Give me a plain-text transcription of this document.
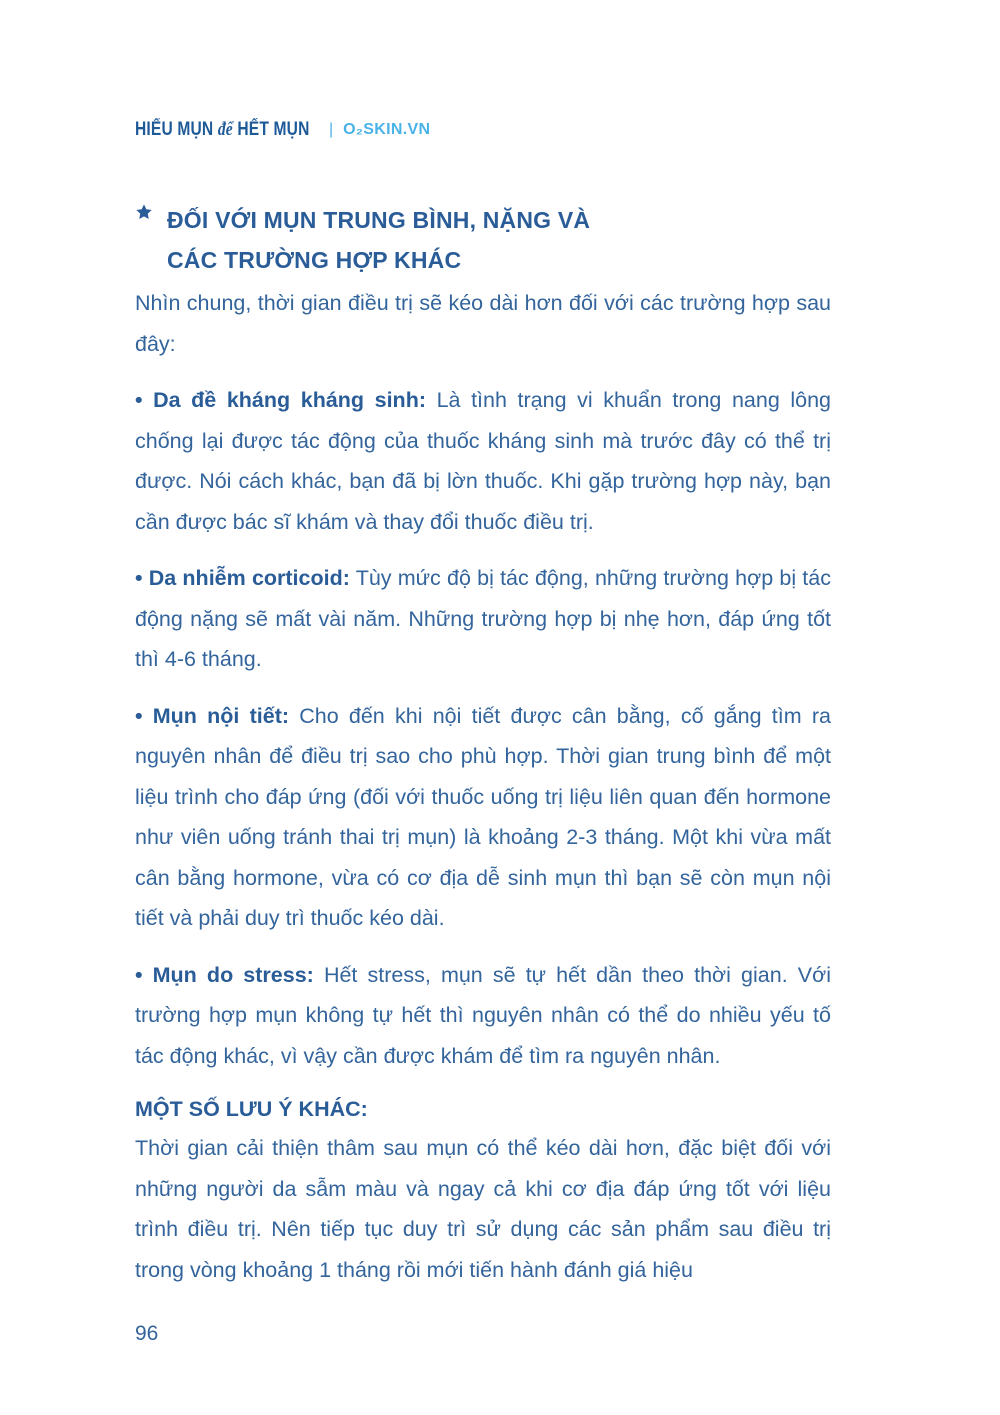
HIỂU MỤN để HẾT MỤN | O₂SKIN.VN
ĐỐI VỚI MỤN TRUNG BÌNH, NẶNG VÀ
CÁC TRƯỜNG HỢP KHÁC

Nhìn chung, thời gian điều trị sẽ kéo dài hơn đối với các trường hợp sau đây:

• Da đề kháng kháng sinh: Là tình trạng vi khuẩn trong nang lông chống lại được tác động của thuốc kháng sinh mà trước đây có thể trị được. Nói cách khác, bạn đã bị lờn thuốc. Khi gặp trường hợp này, bạn cần được bác sĩ khám và thay đổi thuốc điều trị.

• Da nhiễm corticoid: Tùy mức độ bị tác động, những trường hợp bị tác động nặng sẽ mất vài năm. Những trường hợp bị nhẹ hơn, đáp ứng tốt thì 4-6 tháng.

• Mụn nội tiết: Cho đến khi nội tiết được cân bằng, cố gắng tìm ra nguyên nhân để điều trị sao cho phù hợp. Thời gian trung bình để một liệu trình cho đáp ứng (đối với thuốc uống trị liệu liên quan đến hormone như viên uống tránh thai trị mụn) là khoảng 2-3 tháng. Một khi vừa mất cân bằng hormone, vừa có cơ địa dễ sinh mụn thì bạn sẽ còn mụn nội tiết và phải duy trì thuốc kéo dài.

• Mụn do stress: Hết stress, mụn sẽ tự hết dần theo thời gian. Với trường hợp mụn không tự hết thì nguyên nhân có thể do nhiều yếu tố tác động khác, vì vậy cần được khám để tìm ra nguyên nhân.

MỘT SỐ LƯU Ý KHÁC:

Thời gian cải thiện thâm sau mụn có thể kéo dài hơn, đặc biệt đối với những người da sẫm màu và ngay cả khi cơ địa đáp ứng tốt với liệu trình điều trị. Nên tiếp tục duy trì sử dụng các sản phẩm sau điều trị trong vòng khoảng 1 tháng rồi mới tiến hành đánh giá hiệu

96
